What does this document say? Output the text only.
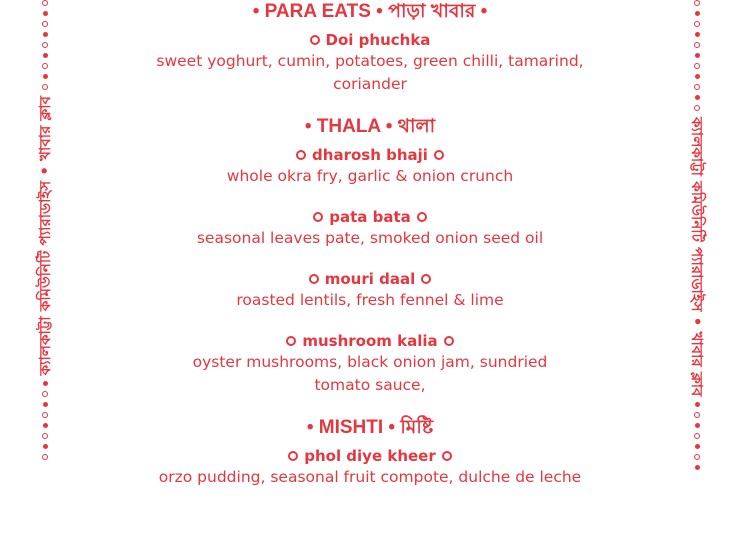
ক্যালকাট্টা কমিউনিটি প্যারাডাইস • খাবার ক্লাব	ক্যালকাট্টা কমিউনিটি প্যারাডাইস • খাবার ক্লাব
• PARA EATS • পাড়া খাবার •
Doi phuchka
sweet yoghurt, cumin, potatoes, green chilli, tamarind, coriander
• THALA • থালা
dharosh bhaji
whole okra fry, garlic & onion crunch
pata bata
seasonal leaves pate, smoked onion seed oil
mouri daal
roasted lentils, fresh fennel & lime
mushroom kalia
oyster mushrooms, black onion jam, sundried tomato sauce,
• MISHTI • মিষ্টি
phol diye kheer
orzo pudding, seasonal fruit compote, dulche de leche
